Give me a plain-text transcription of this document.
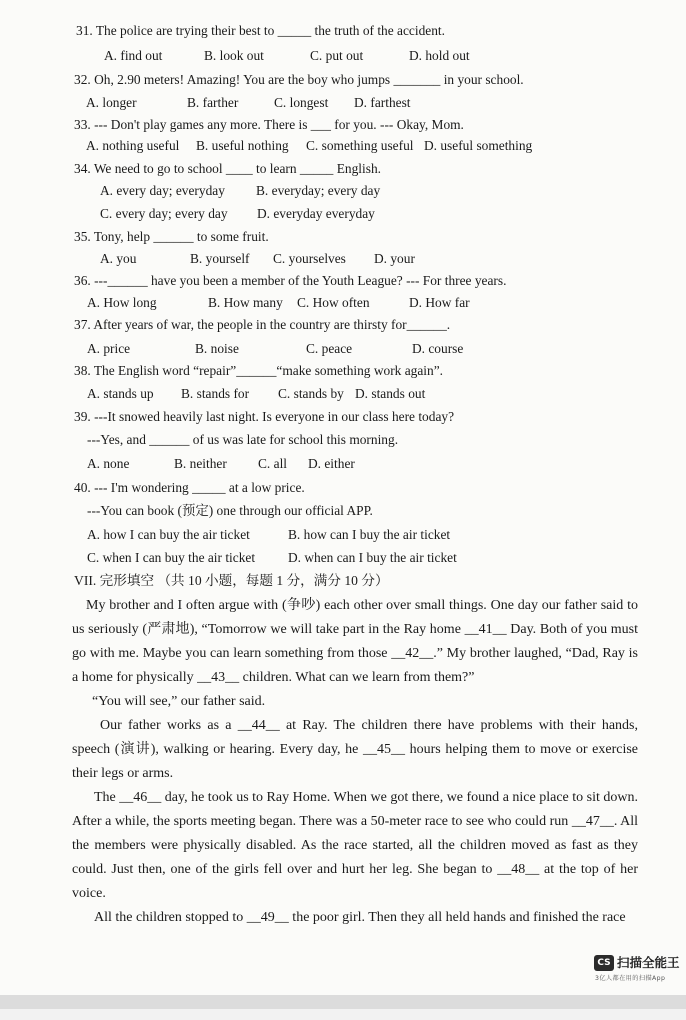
31. The police are trying their best to _____ the truth of the accident.
A. find out	B. look out	C. put out	D. hold out
32. Oh, 2.90 meters! Amazing! You are the boy who jumps _______ in your school.
A. longer	B. farther	C. longest D. farthest
33. --- Don't play games any more. There is ___ for you. --- Okay, Mom.
A. nothing useful B. useful nothing C. something useful D. useful something
34. We need to go to school ____ to learn _____ English.
A. every day; everyday B. everyday; every day
C. every day; every day D. everyday everyday
35. Tony, help ______ to some fruit.
A. you	B. yourself C. yourselves D. your
36. ---______ have you been a member of the Youth League? --- For three years.
A. How long	B. How many C. How often	D. How far
37. After years of war, the people in the country are thirsty for______.
A. price	B. noise	C. peace	D. course
38. The English word “repair”______“make something work again”.
A. stands up B. stands for C. stands by D. stands out
39. ---It snowed heavily last night. Is everyone in our class here today?
---Yes, and ______ of us was late for school this morning.
A. none	B. neither C. all D. either
40. --- I'm wondering _____ at a low price.
---You can book (预定) one through our official APP.
A. how I can buy the air ticket	B. how can I buy the air ticket
C. when I can buy the air ticket D. when can I buy the air ticket
VII. 完形填空 （共 10 小题，每题 1 分，满分 10 分）

My brother and I often argue with (争吵) each other over small things. One day our father said to us seriously (严肃地), “Tomorrow we will take part in the Ray home __41__ Day. Both of you must go with me. Maybe you can learn something from those __42__.” My brother laughed, “Dad, Ray is a home for physically __43__ children. What can we learn from them?”

“You will see,” our father said.

Our father works as a __44__ at Ray. The children there have problems with their hands, speech (演讲), walking or hearing. Every day, he __45__ hours helping them to move or exercise their legs or arms.

The __46__ day, he took us to Ray Home. When we got there, we found a nice place to sit down. After a while, the sports meeting began. There was a 50-meter race to see who could run __47__. All the members were physically disabled. As the race started, all the children moved as fast as they could. Just then, one of the girls fell over and hurt her leg. She began to __48__ at the top of her voice.

All the children stopped to __49__ the poor girl. Then they all held hands and finished the race

CS 扫描全能王
3亿人都在用的扫描App
